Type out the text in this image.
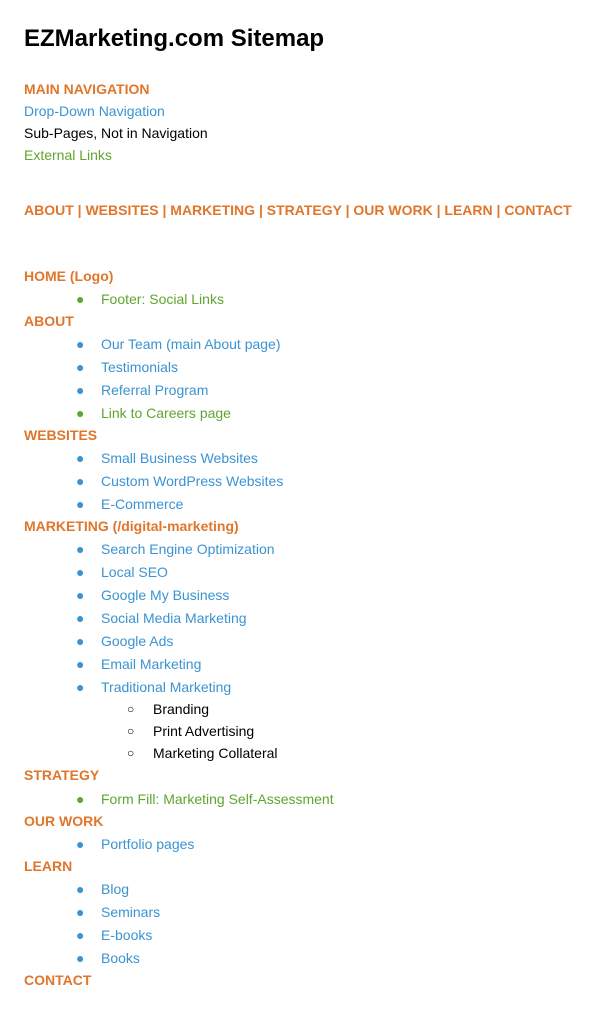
EZMarketing.com Sitemap
MAIN NAVIGATION
Drop-Down Navigation
Sub-Pages, Not in Navigation
External Links
ABOUT | WEBSITES | MARKETING | STRATEGY | OUR WORK | LEARN | CONTACT
HOME (Logo)
● Footer: Social Links
ABOUT
● Our Team (main About page)
● Testimonials
● Referral Program
● Link to Careers page
WEBSITES
● Small Business Websites
● Custom WordPress Websites
● E-Commerce
MARKETING (/digital-marketing)
● Search Engine Optimization
● Local SEO
● Google My Business
● Social Media Marketing
● Google Ads
● Email Marketing
● Traditional Marketing
○ Branding
○ Print Advertising
○ Marketing Collateral
STRATEGY
● Form Fill: Marketing Self-Assessment
OUR WORK
● Portfolio pages
LEARN
● Blog
● Seminars
● E-books
● Books
CONTACT
